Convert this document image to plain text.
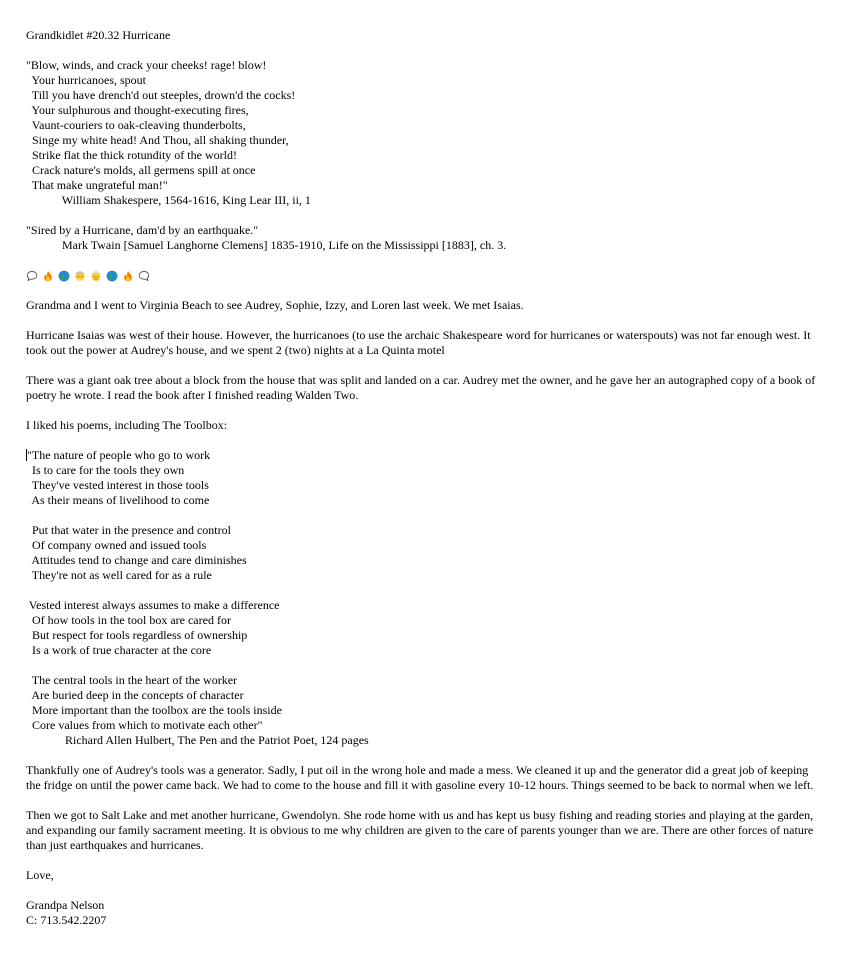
Grandkidlet #20.32 Hurricane
"Blow, winds, and crack your cheeks! rage! blow!
Your hurricanoes, spout
Till you have drench'd out steeples, drown'd the cocks!
Your sulphurous and thought-executing fires,
Vaunt-couriers to oak-cleaving thunderbolts,
Singe my white head! And Thou, all shaking thunder,
Strike flat the thick rotundity of the world!
Crack nature's molds, all germens spill at once
That make ungrateful man!"
William Shakespere, 1564-1616, King Lear III, ii, 1
"Sired by a Hurricane, dam'd by an earthquake."
Mark Twain [Samuel Langhorne Clemens] 1835-1910, Life on the Mississippi [1883], ch. 3.
Grandma and I went to Virginia Beach to see Audrey, Sophie, Izzy, and Loren last week. We met Isaias.
Hurricane Isaias was west of their house. However, the hurricanoes (to use the archaic Shakespeare word for hurricanes or waterspouts) was not far enough west. It took out the power at Audrey's house, and we spent 2 (two) nights at a La Quinta motel
There was a giant oak tree about a block from the house that was split and landed on a car. Audrey met the owner, and he gave her an autographed copy of a book of poetry he wrote. I read the book after I finished reading Walden Two.
I liked his poems, including The Toolbox:
"The nature of people who go to work
Is to care for the tools they own
They've vested interest in those tools
As their means of livelihood to come
Put that water in the presence and control
Of company owned and issued tools
Attitudes tend to change and care diminishes
They're not as well cared for as a rule
Vested interest always assumes to make a difference
Of how tools in the tool box are cared for
But respect for tools regardless of ownership
Is a work of true character at the core
The central tools in the heart of the worker
Are buried deep in the concepts of character
More important than the toolbox are the tools inside
Core values from which to motivate each other"
Richard Allen Hulbert, The Pen and the Patriot Poet, 124 pages
Thankfully one of Audrey's tools was a generator. Sadly, I put oil in the wrong hole and made a mess. We cleaned it up and the generator did a great job of keeping the fridge on until the power came back. We had to come to the house and fill it with gasoline every 10-12 hours. Things seemed to be back to normal when we left.
Then we got to Salt Lake and met another hurricane, Gwendolyn. She rode home with us and has kept us busy fishing and reading stories and playing at the garden, and expanding our family sacrament meeting. It is obvious to me why children are given to the care of parents younger than we are. There are other forces of nature than just earthquakes and hurricanes.
Love,
Grandpa Nelson
C: 713.542.2207
